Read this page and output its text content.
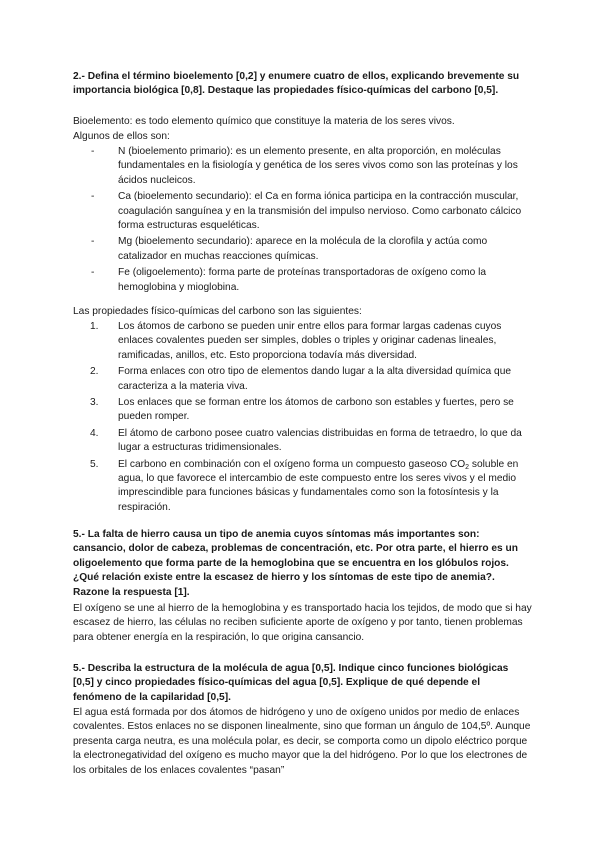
2.- Defina el término bioelemento [0,2] y enumere cuatro de ellos, explicando brevemente su importancia biológica [0,8]. Destaque las propiedades físico-químicas del carbono [0,5].

Bioelemento: es todo elemento químico que constituye la materia de los seres vivos.

Algunos de ellos son:

- N (bioelemento primario): es un elemento presente, en alta proporción, en moléculas fundamentales en la fisiología y genética de los seres vivos como son las proteínas y los ácidos nucleicos.
- Ca (bioelemento secundario): el Ca en forma iónica participa en la contracción muscular, coagulación sanguínea y en la transmisión del impulso nervioso. Como carbonato cálcico forma estructuras esqueléticas.
- Mg (bioelemento secundario): aparece en la molécula de la clorofila y actúa como catalizador en muchas reacciones químicas.
- Fe (oligoelemento): forma parte de proteínas transportadoras de oxígeno como la hemoglobina y mioglobina.

Las propiedades físico-químicas del carbono son las siguientes:

1. Los átomos de carbono se pueden unir entre ellos para formar largas cadenas cuyos enlaces covalentes pueden ser simples, dobles o triples y originar cadenas lineales, ramificadas, anillos, etc. Esto proporciona todavía más diversidad.
2. Forma enlaces con otro tipo de elementos dando lugar a la alta diversidad química que caracteriza a la materia viva.
3. Los enlaces que se forman entre los átomos de carbono son estables y fuertes, pero se pueden romper.
4. El átomo de carbono posee cuatro valencias distribuidas en forma de tetraedro, lo que da lugar a estructuras tridimensionales.
5. El carbono en combinación con el oxígeno forma un compuesto gaseoso $CO_2$ soluble en agua, lo que favorece el intercambio de este compuesto entre los seres vivos y el medio imprescindible para funciones básicas y fundamentales como son la fotosíntesis y la respiración.

5.- La falta de hierro causa un tipo de anemia cuyos síntomas más importantes son: cansancio, dolor de cabeza, problemas de concentración, etc. Por otra parte, el hierro es un oligoelemento que forma parte de la hemoglobina que se encuentra en los glóbulos rojos. ¿Qué relación existe entre la escasez de hierro y los síntomas de este tipo de anemia?. Razone la respuesta [1].

El oxígeno se une al hierro de la hemoglobina y es transportado hacia los tejidos, de modo que si hay escasez de hierro, las células no reciben suficiente aporte de oxígeno y por tanto, tienen problemas para obtener energía en la respiración, lo que origina cansancio.

5.- Describa la estructura de la molécula de agua [0,5]. Indique cinco funciones biológicas [0,5] y cinco propiedades físico-químicas del agua [0,5]. Explique de qué depende el fenómeno de la capilaridad [0,5].

El agua está formada por dos átomos de hidrógeno y uno de oxígeno unidos por medio de enlaces covalentes. Estos enlaces no se disponen linealmente, sino que forman un ángulo de 104,5º. Aunque presenta carga neutra, es una molécula polar, es decir, se comporta como un dipolo eléctrico porque la electronegatividad del oxígeno es mucho mayor que la del hidrógeno. Por lo que los electrones de los orbitales de los enlaces covalentes “pasan”
